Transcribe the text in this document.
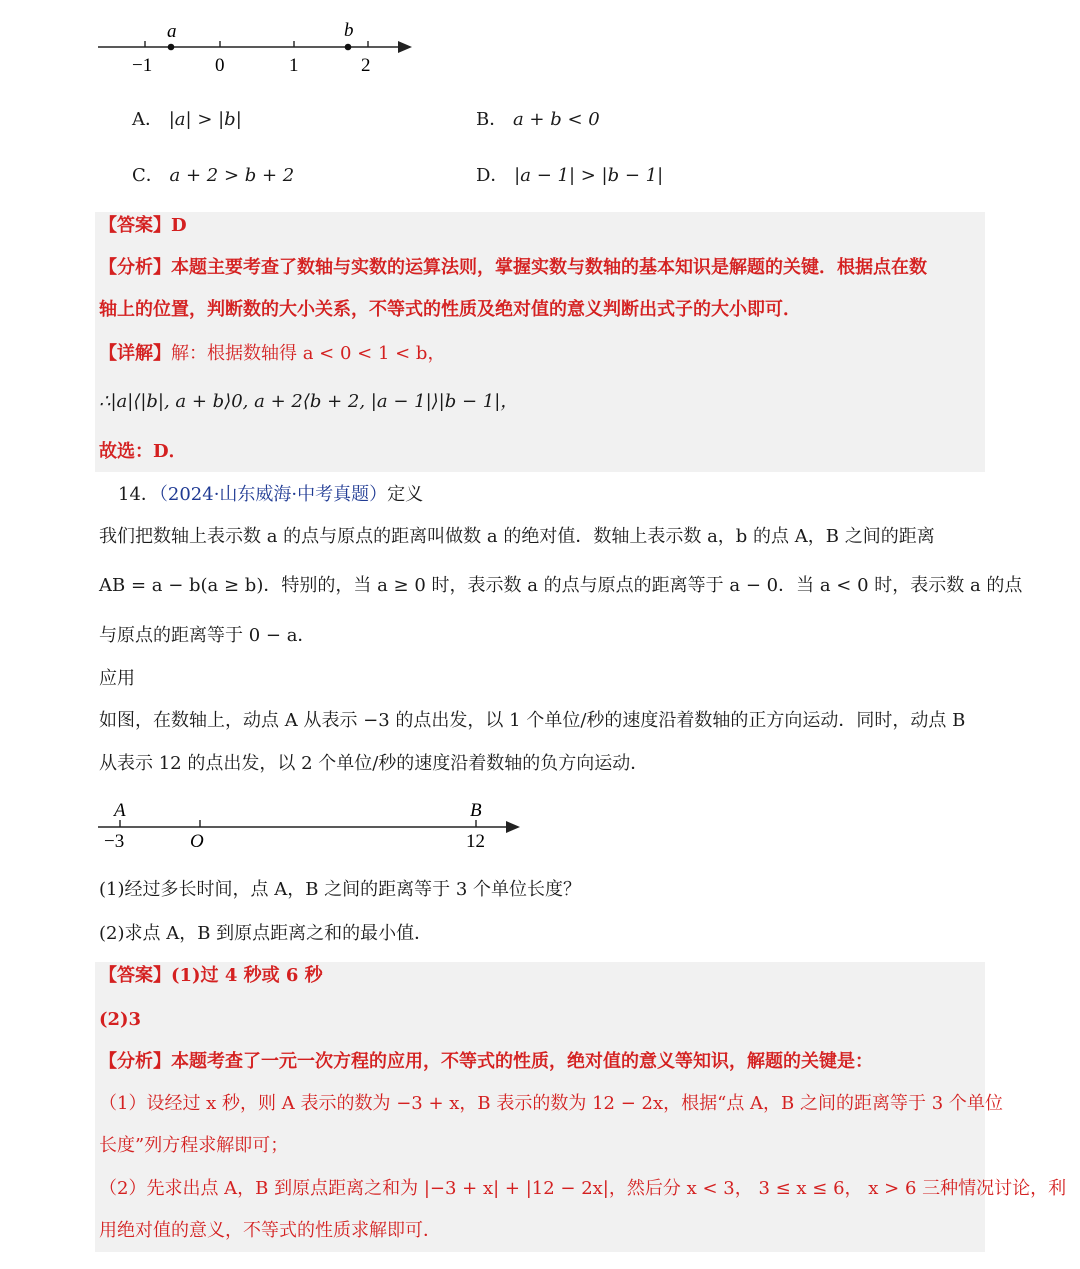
a	b
−1	0	1	2
A． |a| > |b|	B． a + b < 0
C． a + 2 > b + 2	D． |a − 1| > |b − 1|
【答案】D
【分析】本题主要考查了数轴与实数的运算法则，掌握实数与数轴的基本知识是解题的关键．根据点在数
轴上的位置，判断数的大小关系，不等式的性质及绝对值的意义判断出式子的大小即可．
【详解】解：根据数轴得 a < 0 < 1 < b，
∴|a|⟨|b|, a + b⟩0, a + 2⟨b + 2, |a − 1|⟩|b − 1|，
故选：D．
14．（2024·山东威海·中考真题）定义
我们把数轴上表示数 a 的点与原点的距离叫做数 a 的绝对值．数轴上表示数 a，b 的点 A，B 之间的距离
AB = a − b(a ≥ b)．特别的，当 a ≥ 0 时，表示数 a 的点与原点的距离等于 a − 0．当 a < 0 时，表示数 a 的点
与原点的距离等于 0 − a．
应用
如图，在数轴上，动点 A 从表示 −3 的点出发，以 1 个单位/秒的速度沿着数轴的正方向运动．同时，动点 B
从表示 12 的点出发，以 2 个单位/秒的速度沿着数轴的负方向运动．
A	B
−3	O	12
(1)经过多长时间，点 A，B 之间的距离等于 3 个单位长度？
(2)求点 A，B 到原点距离之和的最小值．
【答案】(1)过 4 秒或 6 秒
(2)3
【分析】本题考查了一元一次方程的应用，不等式的性质，绝对值的意义等知识，解题的关键是：
（1）设经过 x 秒，则 A 表示的数为 −3 + x，B 表示的数为 12 − 2x，根据“点 A，B 之间的距离等于 3 个单位
长度”列方程求解即可；
（2）先求出点 A，B 到原点距离之和为 |−3 + x| + |12 − 2x|，然后分 x < 3， 3 ≤ x ≤ 6， x > 6 三种情况讨论，利
用绝对值的意义，不等式的性质求解即可．
